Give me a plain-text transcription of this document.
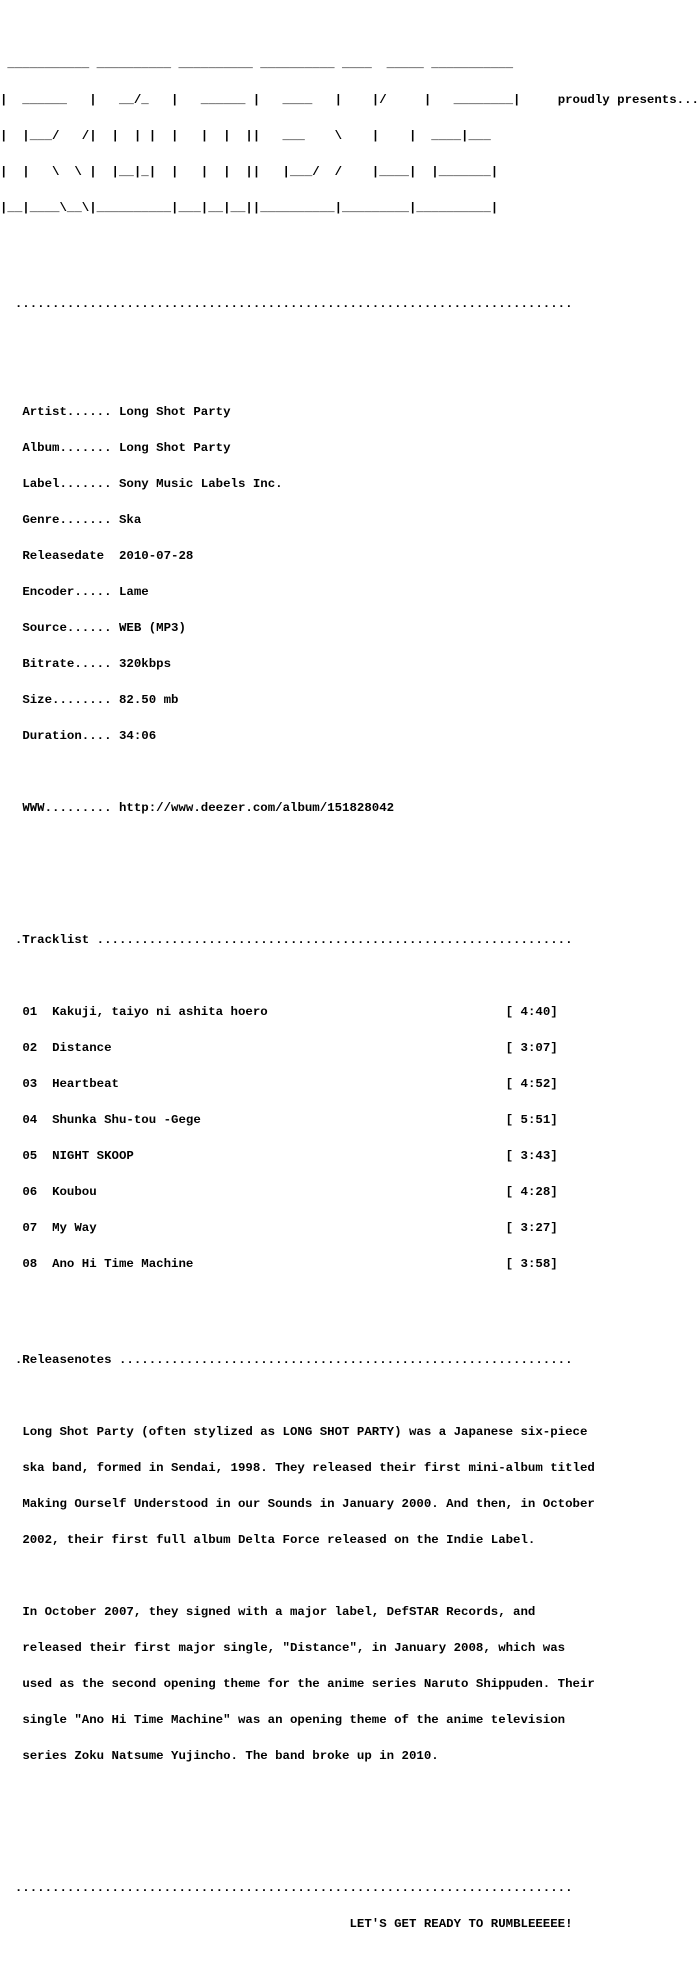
___________ __________ __________ __________ ____  _____ ___________

|  ______   |   __/_   |   ______ |   ____   |    |/     |   ________|	proudly presents...

|  |___/   /|  |  | |  |   |  |  ||   ___    \    |    |  ____|___

|  |   \  \ |  |__|_|  |   |  |  ||   |___/  /    |____|  |_______|

|__|____\__\|__________|___|__|__||__________|_________|__________|

...........................................................................

Artist...... Long Shot Party

Album....... Long Shot Party

Label....... Sony Music Labels Inc.

Genre....... Ska

Releasedate  2010-07-28

Encoder..... Lame

Source...... WEB (MP3)

Bitrate..... 320kbps

Size........ 82.50 mb

Duration.... 34:06

WWW......... http://www.deezer.com/album/151828042

.Tracklist ................................................................

01 Kakuji, taiyo ni ashita hoero	[ 4:40]

02 Distance	[ 3:07]

03 Heartbeat	[ 4:52]

04 Shunka Shu-tou -Gege	[ 5:51]

05 NIGHT SKOOP	[ 3:43]

06 Koubou	[ 4:28]

07 My Way	[ 3:27]

08 Ano Hi Time Machine	[ 3:58]

.Releasenotes .............................................................

Long Shot Party (often stylized as LONG SHOT PARTY) was a Japanese six-piece

ska band, formed in Sendai, 1998. They released their first mini-album titled

Making Ourself Understood in our Sounds in January 2000. And then, in October

2002, their first full album Delta Force released on the Indie Label.

In October 2007, they signed with a major label, DefSTAR Records, and

released their first major single, "Distance", in January 2008, which was

used as the second opening theme for the anime series Naruto Shippuden. Their

single "Ano Hi Time Machine" was an opening theme of the anime television

series Zoku Natsume Yujincho. The band broke up in 2010.

...........................................................................

LET'S GET READY TO RUMBLEEEEE!
